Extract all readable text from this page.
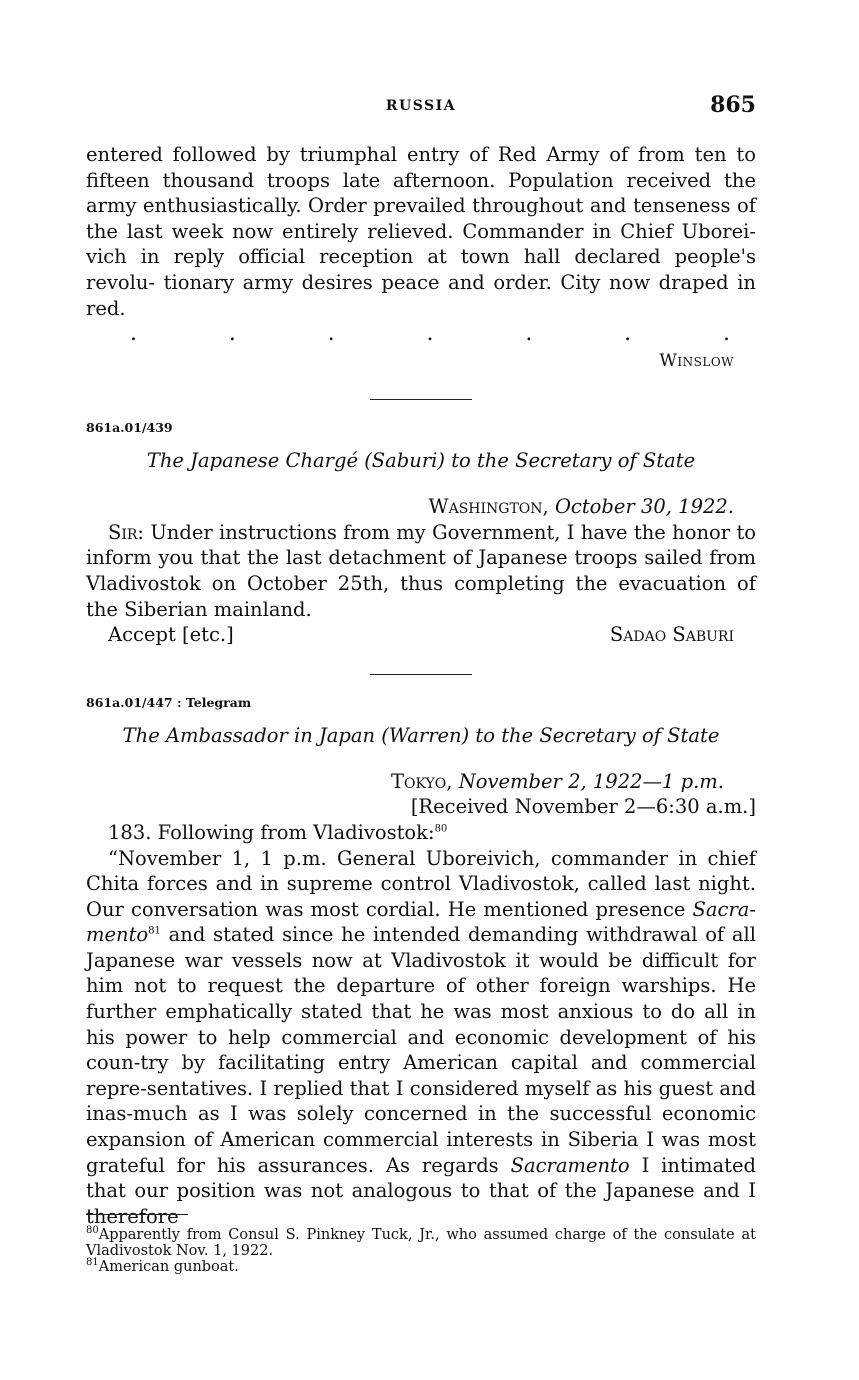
RUSSIA	865

entered followed by triumphal entry of Red Army of from ten to fifteen thousand troops late afternoon. Population received the army enthusiastically. Order prevailed throughout and tenseness of the last week now entirely relieved. Commander in Chief Uborei- vich in reply official reception at town hall declared people's revolu- tionary army desires peace and order. City now draped in red.

.	.	.	.	.	.	.
Winslow

861a.01/439

The Japanese Chargé (Saburi) to the Secretary of State

Washington, October 30, 1922.

Sir: Under instructions from my Government, I have the honor to inform you that the last detachment of Japanese troops sailed from Vladivostok on October 25th, thus completing the evacuation of the Siberian mainland.

Accept [etc.]	Sadao Saburi

861a.01/447 : Telegram

The Ambassador in Japan (Warren) to the Secretary of State

Tokyo, November 2, 1922—1 p.m.

[Received November 2—6:30 a.m.]

183. Following from Vladivostok:$^{80}$

“November 1, 1 p.m. General Uboreivich, commander in chief Chita forces and in supreme control Vladivostok, called last night. Our conversation was most cordial. He mentioned presence Sacra-mento$^{81}$ and stated since he intended demanding withdrawal of all Japanese war vessels now at Vladivostok it would be difficult for him not to request the departure of other foreign warships. He further emphatically stated that he was most anxious to do all in his power to help commercial and economic development of his coun-try by facilitating entry American capital and commercial repre-sentatives. I replied that I considered myself as his guest and inas-much as I was solely concerned in the successful economic expansion of American commercial interests in Siberia I was most grateful for his assurances. As regards Sacramento I intimated that our position was not analogous to that of the Japanese and I therefore

$^{80}$Apparently from Consul S. Pinkney Tuck, Jr., who assumed charge of the consulate at Vladivostok Nov. 1, 1922.

$^{81}$American gunboat.
